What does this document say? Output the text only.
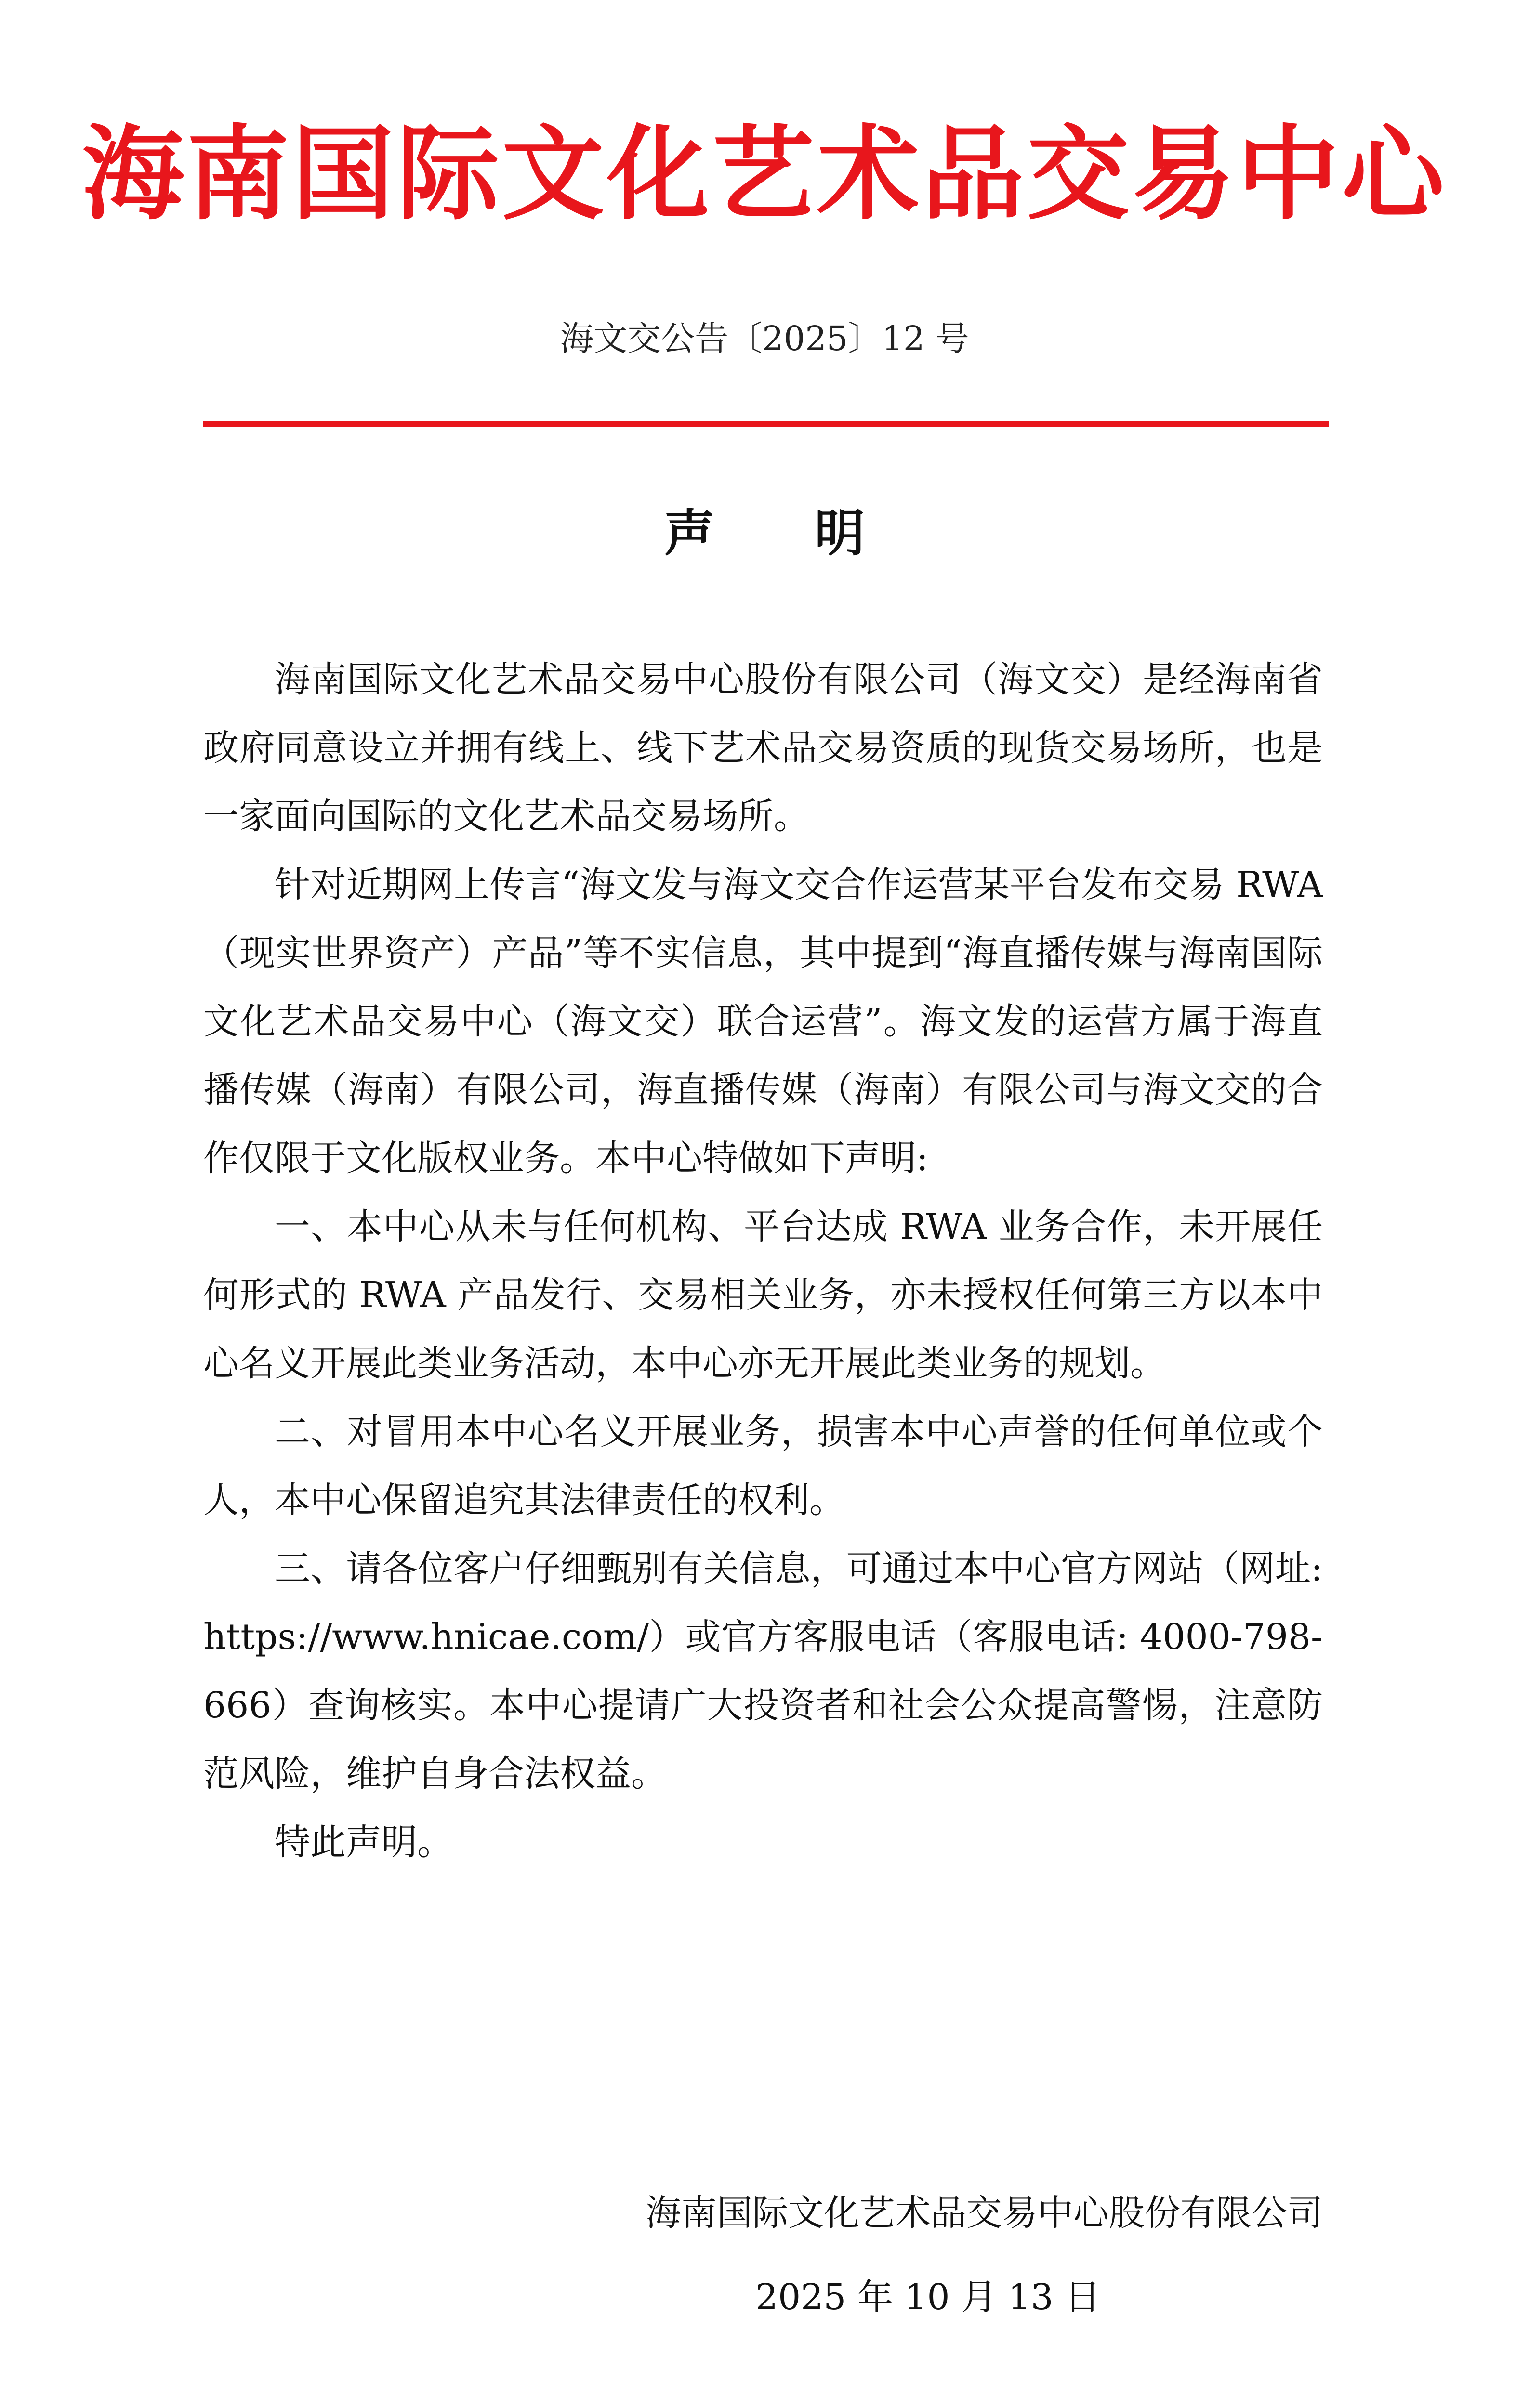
海南国际文化艺术品交易中心
海文交公告〔2025〕12 号
声　　明

海南国际文化艺术品交易中心股份有限公司（海文交）是经海南省政府同意设立并拥有线上、线下艺术品交易资质的现货交易场所，也是一家面向国际的文化艺术品交易场所。

针对近期网上传言“海文发与海文交合作运营某平台发布交易 RWA（现实世界资产）产品”等不实信息，其中提到“海直播传媒与海南国际文化艺术品交易中心（海文交）联合运营”。海文发的运营方属于海直播传媒（海南）有限公司，海直播传媒（海南）有限公司与海文交的合作仅限于文化版权业务。本中心特做如下声明:

一、本中心从未与任何机构、平台达成 RWA 业务合作，未开展任何形式的 RWA 产品发行、交易相关业务，亦未授权任何第三方以本中心名义开展此类业务活动，本中心亦无开展此类业务的规划。

二、对冒用本中心名义开展业务，损害本中心声誉的任何单位或个人，本中心保留追究其法律责任的权利。

三、请各位客户仔细甄别有关信息，可通过本中心官方网站（网址: https://www.hnicae.com/）或官方客服电话（客服电话: 4000-798-666）查询核实。本中心提请广大投资者和社会公众提高警惕，注意防范风险，维护自身合法权益。

特此声明。

海南国际文化艺术品交易中心股份有限公司
2025 年 10 月 13 日
